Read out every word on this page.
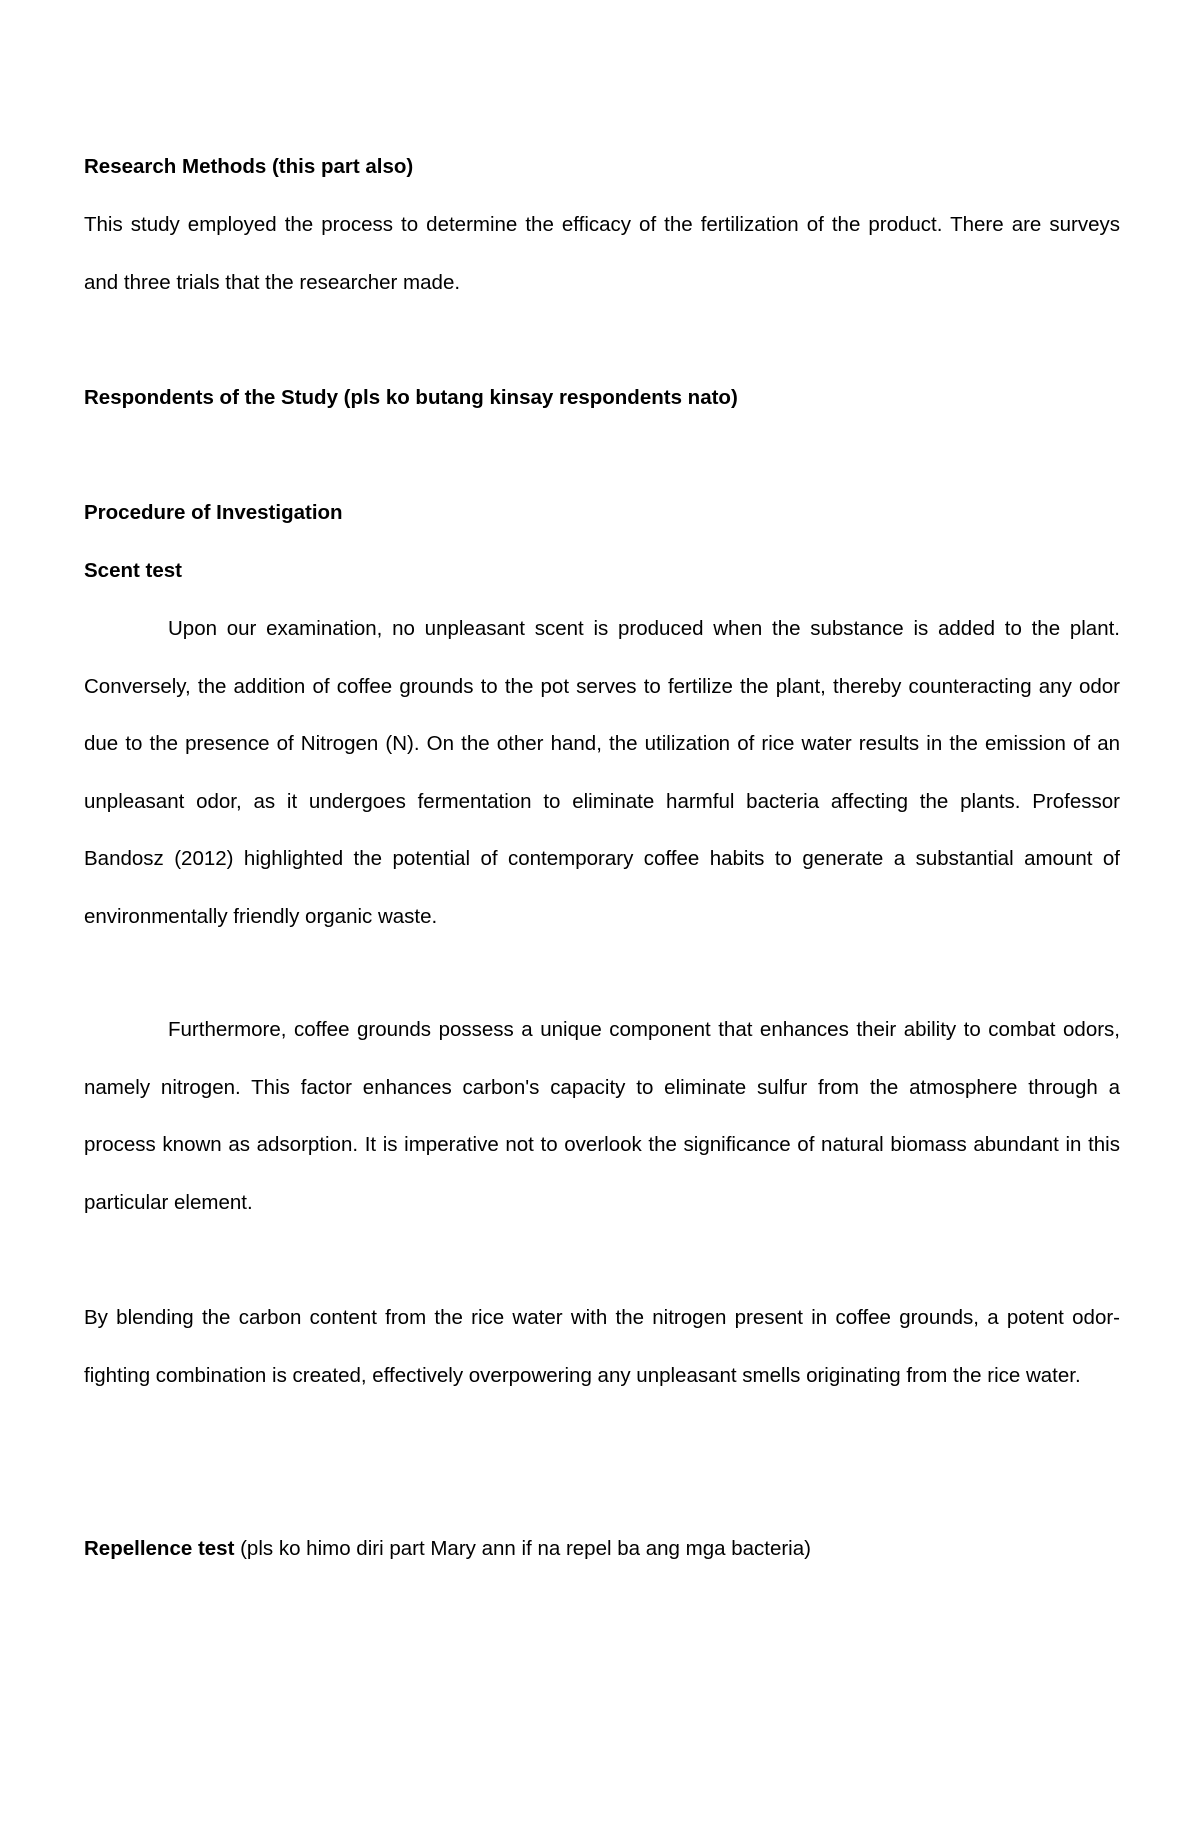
Research Methods (this part also)

This study employed the process to determine the efficacy of the fertilization of the product. There are surveys and three trials that the researcher made.

Respondents of the Study (pls ko butang kinsay respondents nato)

Procedure of Investigation

Scent test

Upon our examination, no unpleasant scent is produced when the substance is added to the plant. Conversely, the addition of coffee grounds to the pot serves to fertilize the plant, thereby counteracting any odor due to the presence of Nitrogen (N). On the other hand, the utilization of rice water results in the emission of an unpleasant odor, as it undergoes fermentation to eliminate harmful bacteria affecting the plants. Professor Bandosz (2012) highlighted the potential of contemporary coffee habits to generate a substantial amount of environmentally friendly organic waste.

Furthermore, coffee grounds possess a unique component that enhances their ability to combat odors, namely nitrogen. This factor enhances carbon's capacity to eliminate sulfur from the atmosphere through a process known as adsorption. It is imperative not to overlook the significance of natural biomass abundant in this particular element.

By blending the carbon content from the rice water with the nitrogen present in coffee grounds, a potent odor-fighting combination is created, effectively overpowering any unpleasant smells originating from the rice water.

Repellence test (pls ko himo diri part Mary ann if na repel ba ang mga bacteria)
